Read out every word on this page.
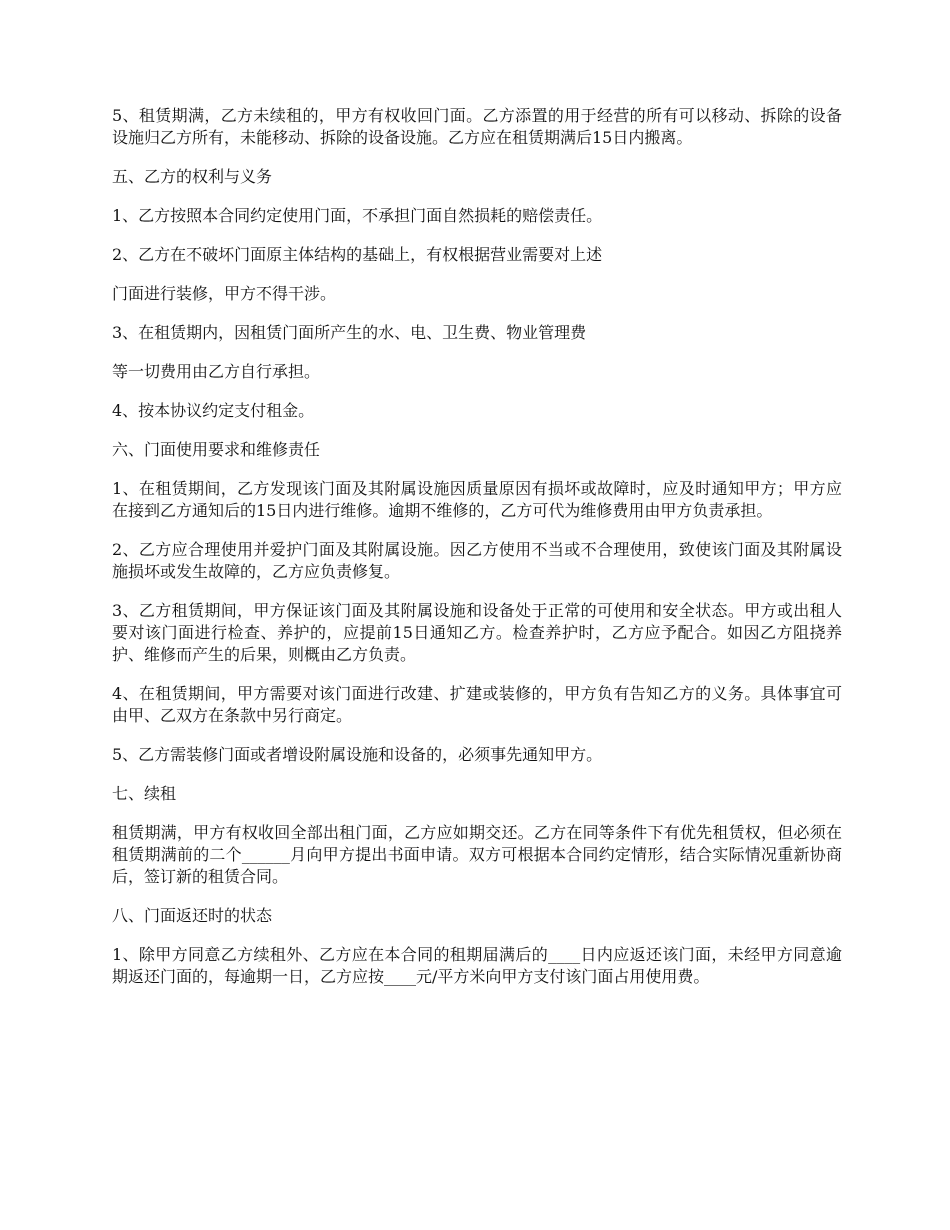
5、租赁期满，乙方未续租的，甲方有权收回门面。乙方添置的用于经营的所有可以移动、拆除的设备设施归乙方所有，未能移动、拆除的设备设施。乙方应在租赁期满后15日内搬离。

五、乙方的权利与义务

1、乙方按照本合同约定使用门面，不承担门面自然损耗的赔偿责任。

2、乙方在不破坏门面原主体结构的基础上，有权根据营业需要对上述

门面进行装修，甲方不得干涉。

3、在租赁期内，因租赁门面所产生的水、电、卫生费、物业管理费

等一切费用由乙方自行承担。

4、按本协议约定支付租金。

六、门面使用要求和维修责任

1、在租赁期间，乙方发现该门面及其附属设施因质量原因有损坏或故障时，应及时通知甲方；甲方应在接到乙方通知后的15日内进行维修。逾期不维修的，乙方可代为维修费用由甲方负责承担。

2、乙方应合理使用并爱护门面及其附属设施。因乙方使用不当或不合理使用，致使该门面及其附属设施损坏或发生故障的，乙方应负责修复。

3、乙方租赁期间，甲方保证该门面及其附属设施和设备处于正常的可使用和安全状态。甲方或出租人要对该门面进行检查、养护的，应提前15日通知乙方。检查养护时，乙方应予配合。如因乙方阻挠养护、维修而产生的后果，则概由乙方负责。

4、在租赁期间，甲方需要对该门面进行改建、扩建或装修的，甲方负有告知乙方的义务。具体事宜可由甲、乙双方在条款中另行商定。

5、乙方需装修门面或者增设附属设施和设备的，必须事先通知甲方。

七、续租

租赁期满，甲方有权收回全部出租门面，乙方应如期交还。乙方在同等条件下有优先租赁权，但必须在租赁期满前的二个______月向甲方提出书面申请。双方可根据本合同约定情形，结合实际情况重新协商后，签订新的租赁合同。

八、门面返还时的状态

1、除甲方同意乙方续租外、乙方应在本合同的租期届满后的____日内应返还该门面，未经甲方同意逾期返还门面的，每逾期一日，乙方应按____元/平方米向甲方支付该门面占用使用费。
